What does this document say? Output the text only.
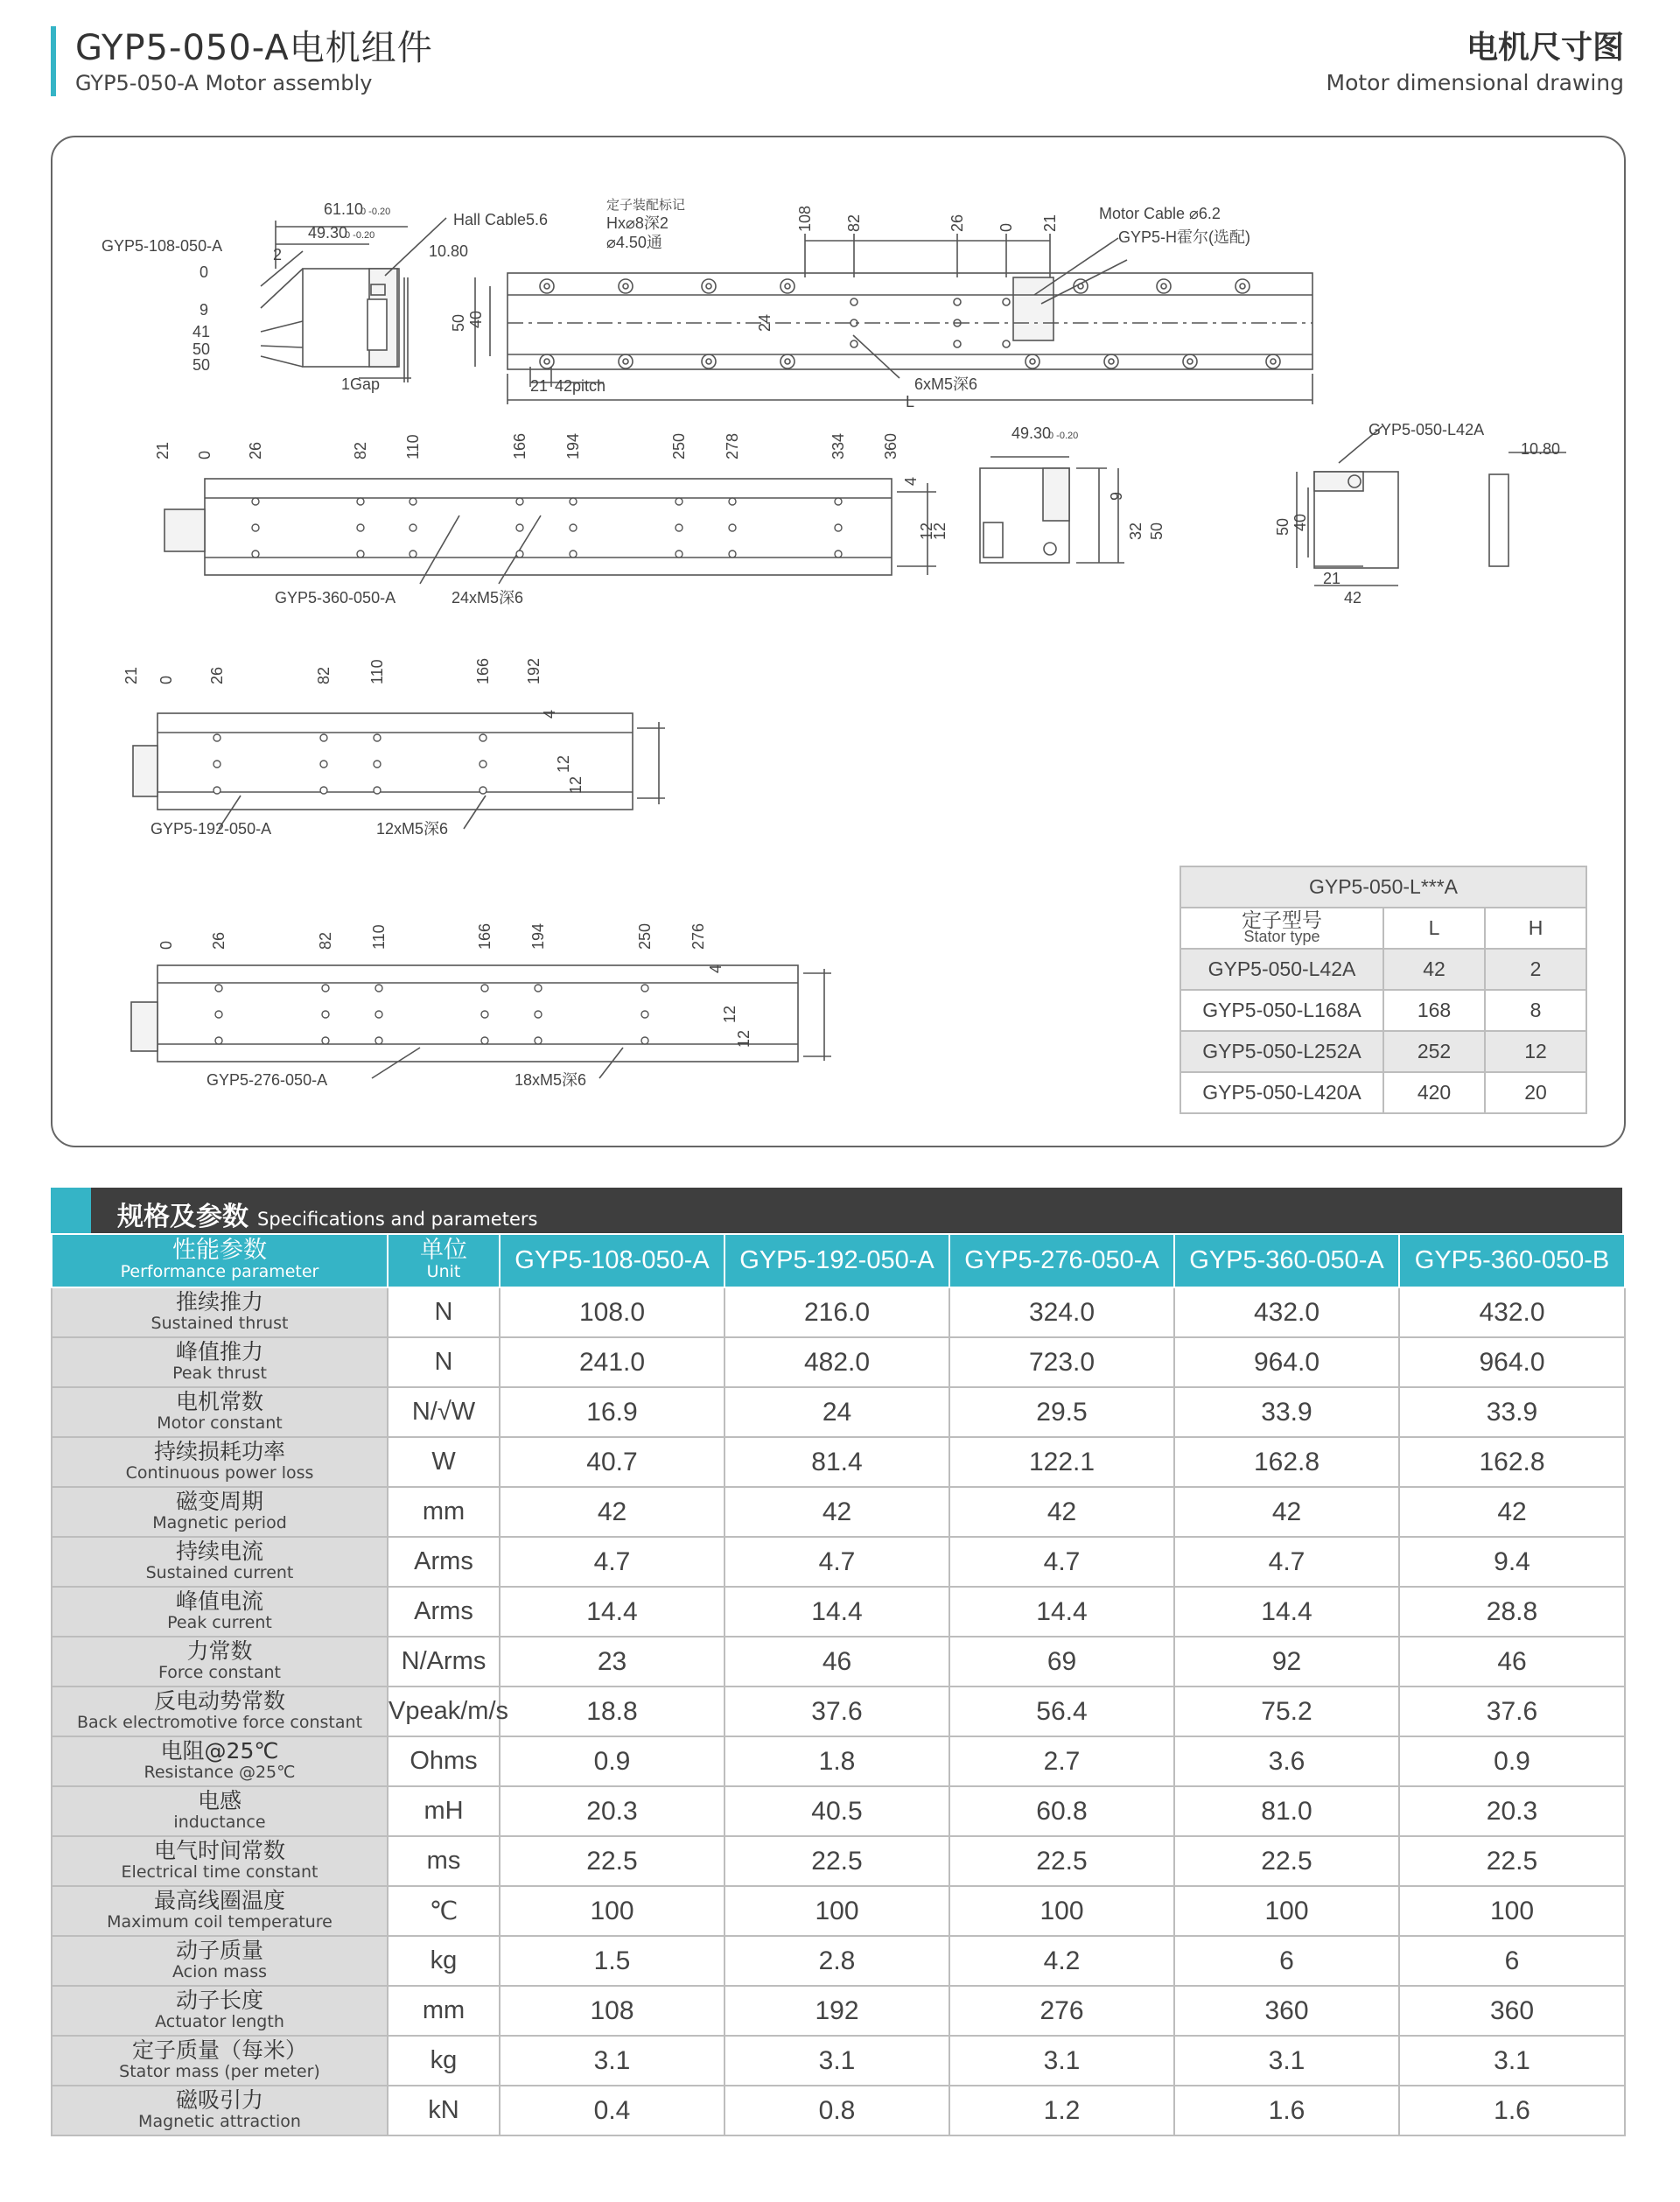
GYP5-050-A电机组件
GYP5-050-A Motor assembly
电机尺寸图
Motor dimensional drawing
GYP5-108-050-A
61.10
49.30
2
Hall Cable5.6
10.80
定子装配标记
Hx⌀8深2
⌀4.50通
Motor Cable ⌀6.2
GYP5-H霍尔(选配)
1Gap	42pitch
21	6xM5深6
L
50 40	24
0
9
41
50
50
108 82	26 0 21
0 -0.20
0 -0.20
21 0 26	82 110	166 194	250 278	334 360
GYP5-360-050-A	24xM5深6
4
12
12
49.30
0 -0.20
9
32 50
GYP5-050-L42A
10.80
50 40
21
42
21 0 26	82 110	166 192
GYP5-192-050-A	12xM5深6
4
12
12
0 26	82 110	166 194	250 276
GYP5-276-050-A	18xM5深6
4
12
12
GYP5-050-L***A		
定子型号
Stator type	L	H
GYP5-050-L42A	42	2
GYP5-050-L168A	168	8
GYP5-050-L252A	252	12
GYP5-050-L420A	420	20
规格及参数 Specifications and parameters
性能参数
Performance parameter	单位
Unit	GYP5-108-050-A	GYP5-192-050-A	GYP5-276-050-A	GYP5-360-050-A	GYP5-360-050-B

推续推力
Sustained thrust	N	108.0	216.0	324.0	432.0	432.0

峰值推力
Peak thrust	N	241.0	482.0	723.0	964.0	964.0

电机常数
Motor constant	N/√W	16.9	24	29.5	33.9	33.9

持续损耗功率
Continuous power loss	W	40.7	81.4	122.1	162.8	162.8

磁变周期
Magnetic period	mm	42	42	42	42	42

持续电流
Sustained current	Arms	4.7	4.7	4.7	4.7	9.4

峰值电流
Peak current	Arms	14.4	14.4	14.4	14.4	28.8

力常数
Force constant	N/Arms	23	46	69	92	46

反电动势常数
Back electromotive force constant	Vpeak/m/s	18.8	37.6	56.4	75.2	37.6

电阻@25℃
Resistance @25℃	Ohms	0.9	1.8	2.7	3.6	0.9

电感
inductance	mH	20.3	40.5	60.8	81.0	20.3

电气时间常数
Electrical time constant	ms	22.5	22.5	22.5	22.5	22.5

最高线圈温度
Maximum coil temperature	℃	100	100	100	100	100

动子质量
Acion mass	kg	1.5	2.8	4.2	6	6

动子长度
Actuator length	mm	108	192	276	360	360

定子质量（每米）
Stator mass (per meter)	kg	3.1	3.1	3.1	3.1	3.1

磁吸引力
Magnetic attraction	kN	0.4	0.8	1.2	1.6	1.6
